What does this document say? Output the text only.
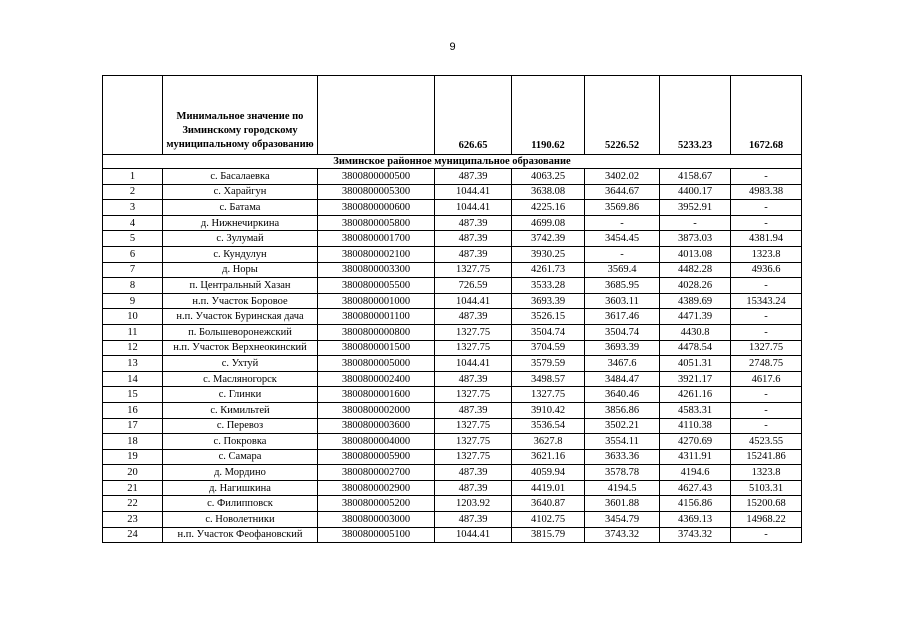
9
	Минимальное значение по Зиминскому городскому муниципальному образованию		626.65	1190.62	5226.52	5233.23	1672.68
Зиминское районное муниципальное образование							
1	с. Басалаевка	3800800000500	487.39	4063.25	3402.02	4158.67	-
2	с. Харайгун	3800800005300	1044.41	3638.08	3644.67	4400.17	4983.38
3	с. Батама	3800800000600	1044.41	4225.16	3569.86	3952.91	-
4	д. Нижнечиркина	3800800005800	487.39	4699.08	-	-	-
5	с. Зулумай	3800800001700	487.39	3742.39	3454.45	3873.03	4381.94
6	с. Кундулун	3800800002100	487.39	3930.25	-	4013.08	1323.8
7	д. Норы	3800800003300	1327.75	4261.73	3569.4	4482.28	4936.6
8	п. Центральный Хазан	3800800005500	726.59	3533.28	3685.95	4028.26	-
9	н.п. Участок Боровое	3800800001000	1044.41	3693.39	3603.11	4389.69	15343.24
10	н.п. Участок Буринская дача	3800800001100	487.39	3526.15	3617.46	4471.39	-
11	п. Большеворонежский	3800800000800	1327.75	3504.74	3504.74	4430.8	-
12	н.п. Участок Верхнеокинский	3800800001500	1327.75	3704.59	3693.39	4478.54	1327.75
13	с. Ухтуй	3800800005000	1044.41	3579.59	3467.6	4051.31	2748.75
14	с. Масляногорск	3800800002400	487.39	3498.57	3484.47	3921.17	4617.6
15	с. Глинки	3800800001600	1327.75	1327.75	3640.46	4261.16	-
16	с. Кимильтей	3800800002000	487.39	3910.42	3856.86	4583.31	-
17	с. Перевоз	3800800003600	1327.75	3536.54	3502.21	4110.38	-
18	с. Покровка	3800800004000	1327.75	3627.8	3554.11	4270.69	4523.55
19	с. Самара	3800800005900	1327.75	3621.16	3633.36	4311.91	15241.86
20	д. Мордино	3800800002700	487.39	4059.94	3578.78	4194.6	1323.8
21	д. Нагишкина	3800800002900	487.39	4419.01	4194.5	4627.43	5103.31
22	с. Филипповск	3800800005200	1203.92	3640.87	3601.88	4156.86	15200.68
23	с. Новолетники	3800800003000	487.39	4102.75	3454.79	4369.13	14968.22
24	н.п. Участок Феофановский	3800800005100	1044.41	3815.79	3743.32	3743.32	-
